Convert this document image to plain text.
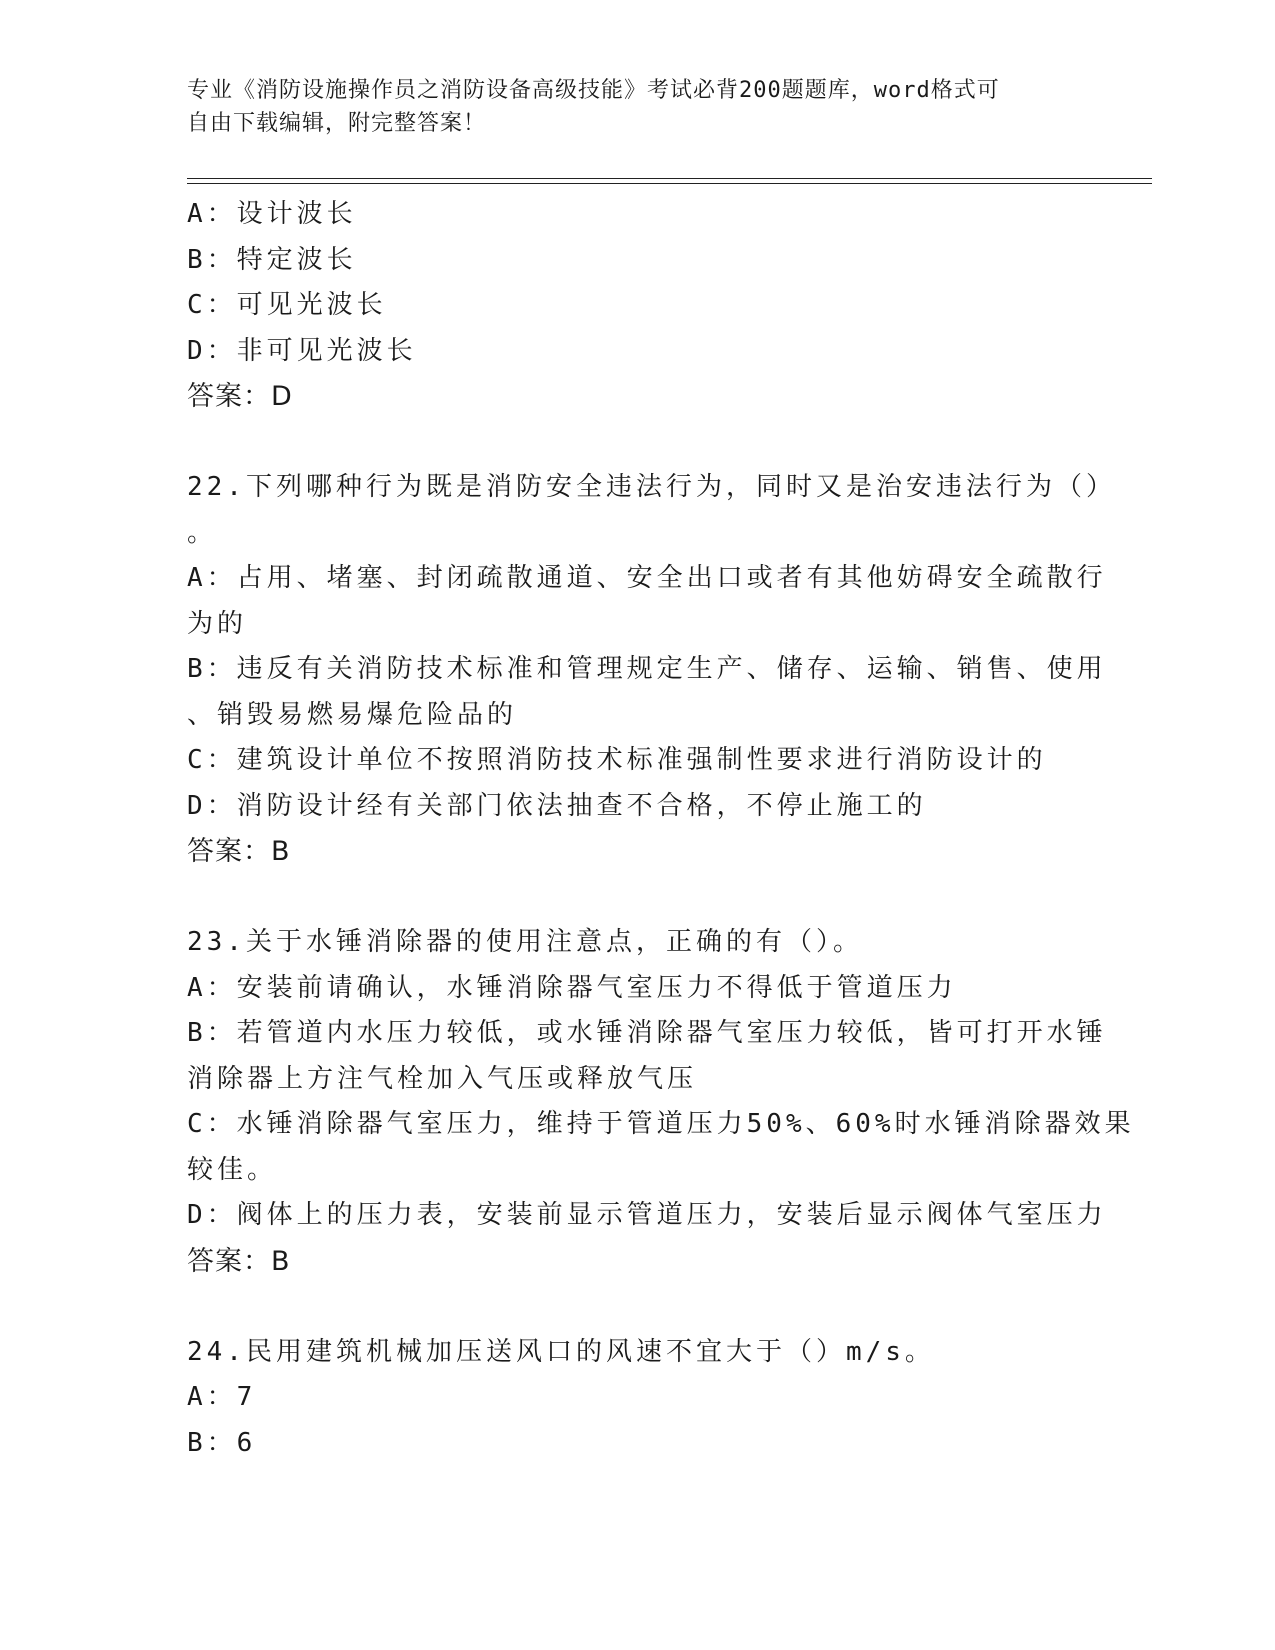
专业《消防设施操作员之消防设备高级技能》考试必背200题题库，word格式可
自由下载编辑，附完整答案！
A：设计波长
B：特定波长
C：可见光波长
D：非可见光波长
答案：D
22.下列哪种行为既是消防安全违法行为，同时又是治安违法行为（）
。
A：占用、堵塞、封闭疏散通道、安全出口或者有其他妨碍安全疏散行
为的
B：违反有关消防技术标准和管理规定生产、储存、运输、销售、使用
、销毁易燃易爆危险品的
C：建筑设计单位不按照消防技术标准强制性要求进行消防设计的
D：消防设计经有关部门依法抽查不合格，不停止施工的
答案：B
23.关于水锤消除器的使用注意点，正确的有（）。
A：安装前请确认，水锤消除器气室压力不得低于管道压力
B：若管道内水压力较低，或水锤消除器气室压力较低，皆可打开水锤
消除器上方注气栓加入气压或释放气压
C：水锤消除器气室压力，维持于管道压力50%、60%时水锤消除器效果
较佳。
D：阀体上的压力表，安装前显示管道压力，安装后显示阀体气室压力
答案：B
24.民用建筑机械加压送风口的风速不宜大于（）m/s。
A：7
B：6
